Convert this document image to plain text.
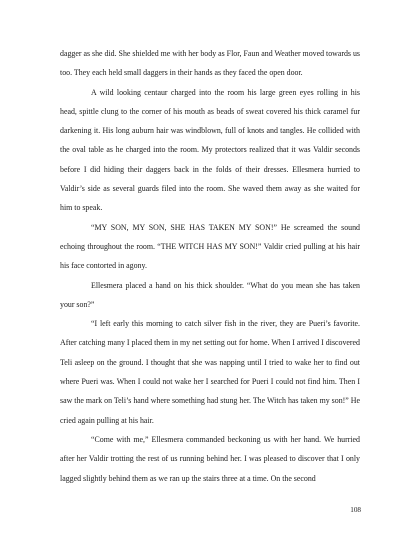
dagger as she did. She shielded me with her body as Flor, Faun and Weather moved towards us too. They each held small daggers in their hands as they faced the open door.

A wild looking centaur charged into the room his large green eyes rolling in his head, spittle clung to the corner of his mouth as beads of sweat covered his thick caramel fur darkening it. His long auburn hair was windblown, full of knots and tangles. He collided with the oval table as he charged into the room. My protectors realized that it was Valdir seconds before I did hiding their daggers back in the folds of their dresses. Ellesmera hurried to Valdir’s side as several guards filed into the room. She waved them away as she waited for him to speak.

“MY SON, MY SON, SHE HAS TAKEN MY SON!” He screamed the sound echoing throughout the room. “THE WITCH HAS MY SON!” Valdir cried pulling at his hair his face contorted in agony.

Ellesmera placed a hand on his thick shoulder. “What do you mean she has taken your son?”

“I left early this morning to catch silver fish in the river, they are Pueri’s favorite. After catching many I placed them in my net setting out for home. When I arrived I discovered Teli asleep on the ground. I thought that she was napping until I tried to wake her to find out where Pueri was. When I could not wake her I searched for Pueri I could not find him. Then I saw the mark on Teli’s hand where something had stung her. The Witch has taken my son!” He cried again pulling at his hair.

“Come with me,” Ellesmera commanded beckoning us with her hand. We hurried after her Valdir trotting the rest of us running behind her. I was pleased to discover that I only lagged slightly behind them as we ran up the stairs three at a time. On the second

108
